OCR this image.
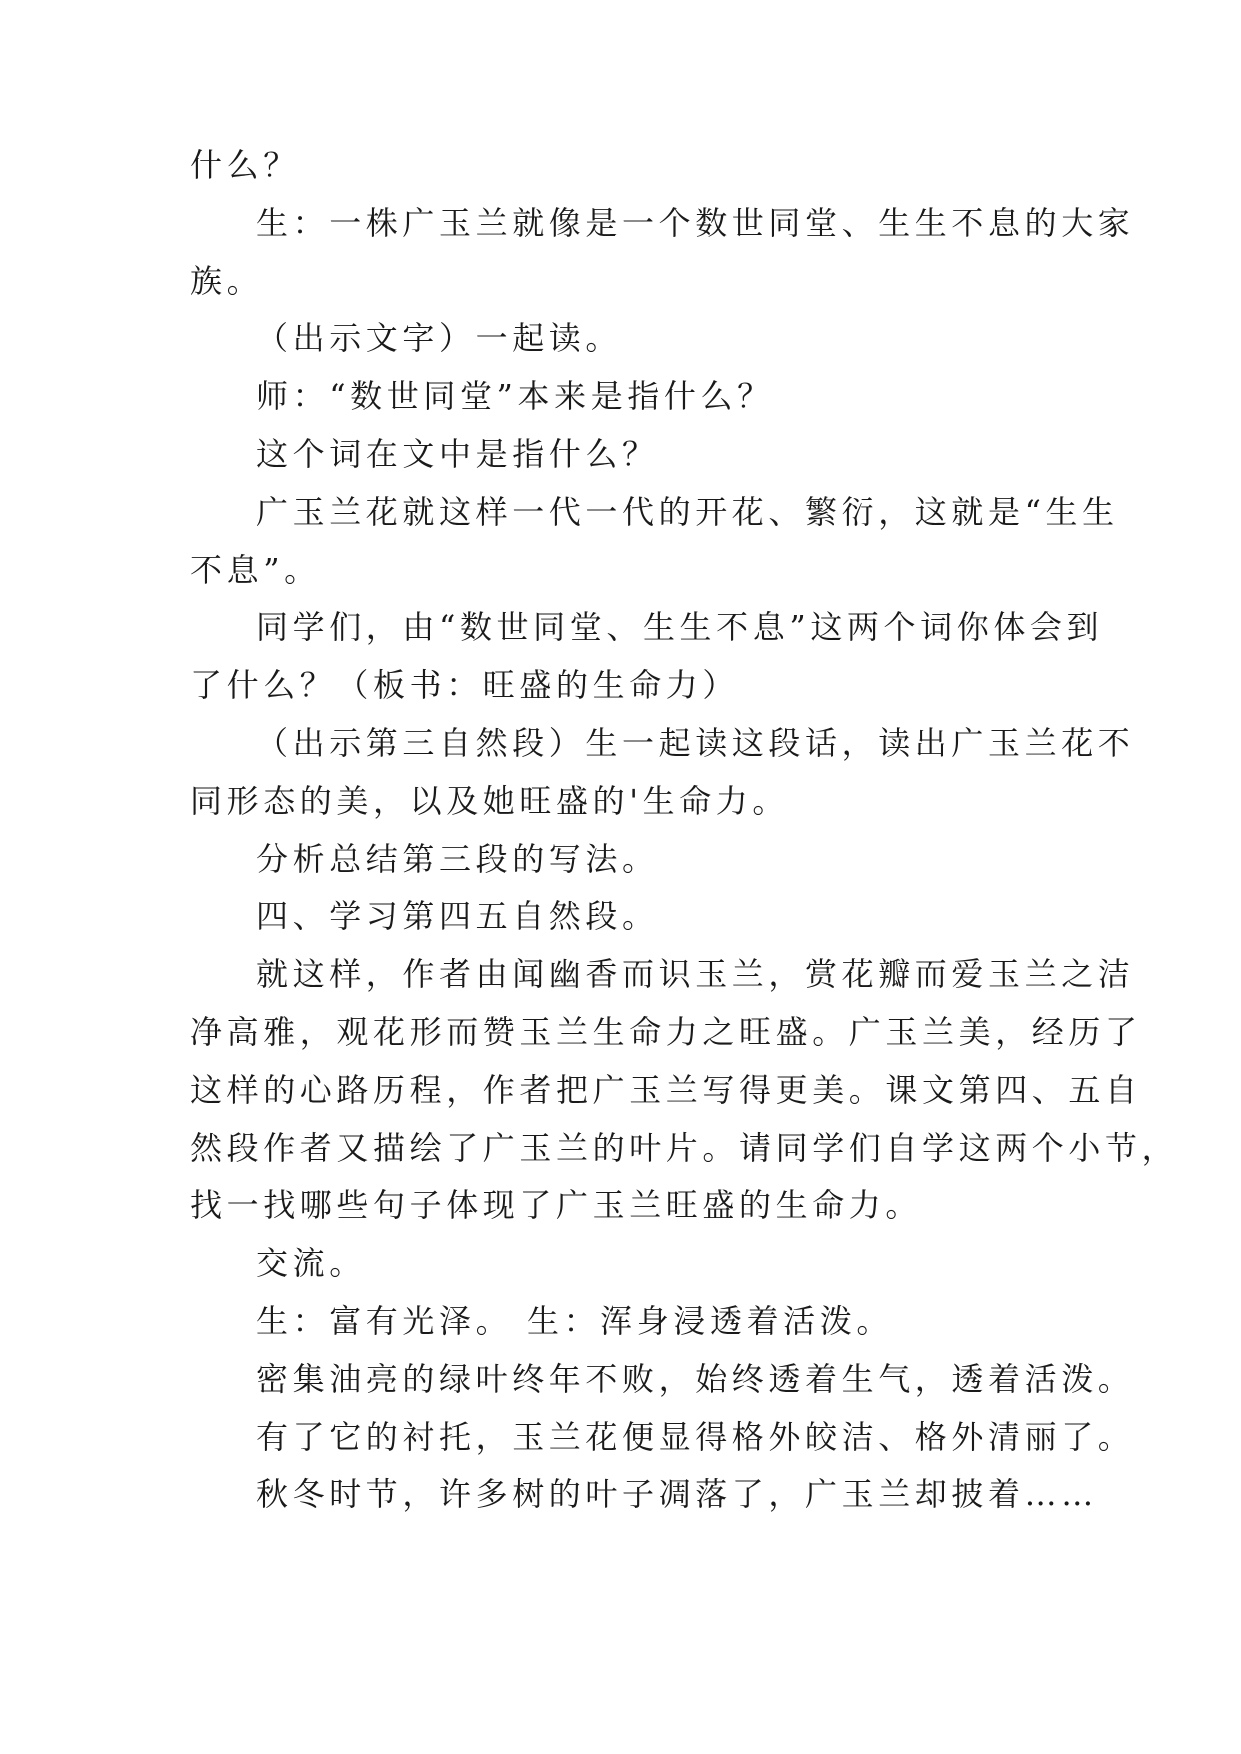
什么？
生：一株广玉兰就像是一个数世同堂、生生不息的大家
族。
（出示文字）一起读。
师：“数世同堂”本来是指什么？
这个词在文中是指什么？
广玉兰花就这样一代一代的开花、繁衍，这就是“生生
不息”。
同学们，由“数世同堂、生生不息”这两个词你体会到
了什么？（板书：旺盛的生命力）
（出示第三自然段）生一起读这段话，读出广玉兰花不
同形态的美，以及她旺盛的'生命力。
分析总结第三段的写法。
四、学习第四五自然段。
就这样，作者由闻幽香而识玉兰，赏花瓣而爱玉兰之洁
净高雅，观花形而赞玉兰生命力之旺盛。广玉兰美，经历了
这样的心路历程，作者把广玉兰写得更美。课文第四、五自
然段作者又描绘了广玉兰的叶片。请同学们自学这两个小节，
找一找哪些句子体现了广玉兰旺盛的生命力。
交流。
生：富有光泽。 生：浑身浸透着活泼。
密集油亮的绿叶终年不败，始终透着生气，透着活泼。
有了它的衬托，玉兰花便显得格外皎洁、格外清丽了。
秋冬时节，许多树的叶子凋落了，广玉兰却披着……
